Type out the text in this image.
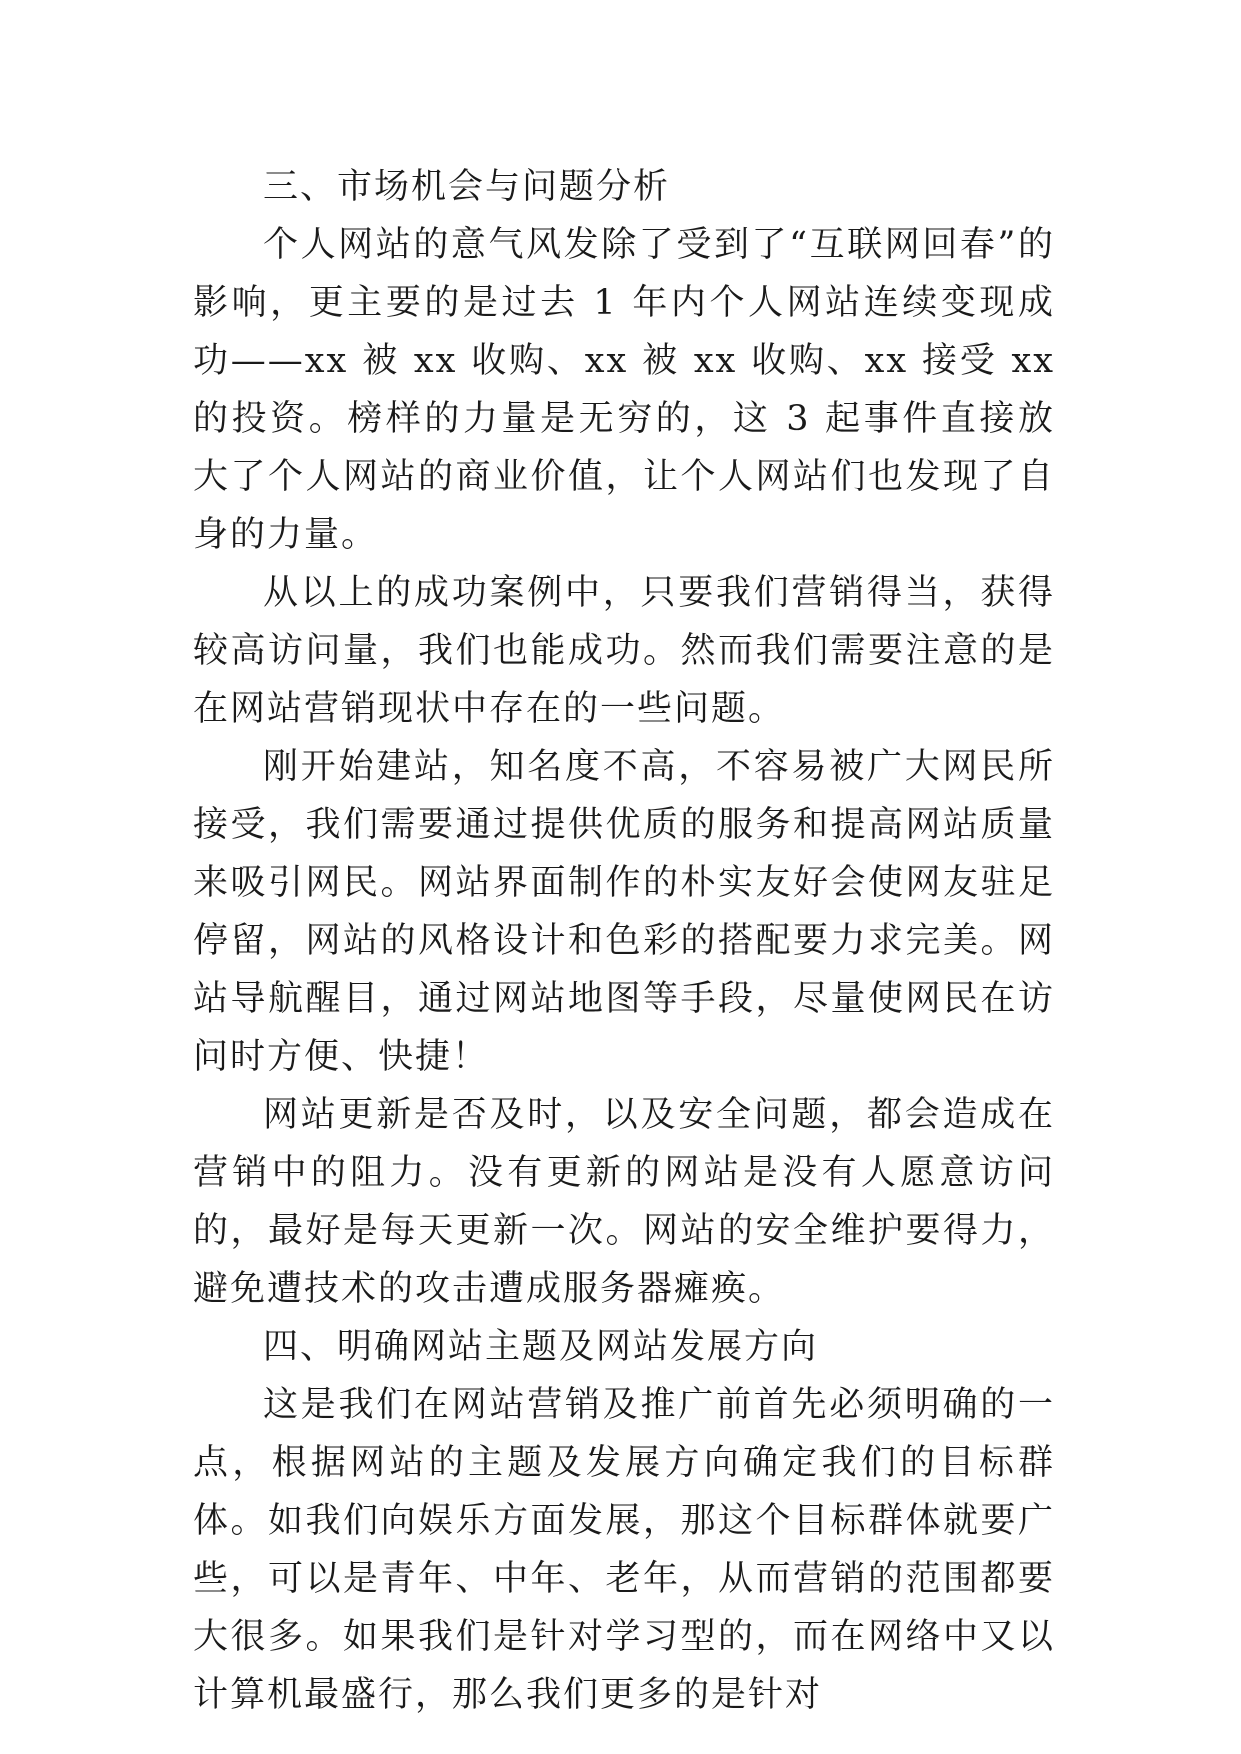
三、市场机会与问题分析

个人网站的意气风发除了受到了“互联网回春”的影响，更主要的是过去 1 年内个人网站连续变现成功——xx 被 xx 收购、xx 被 xx 收购、xx 接受 xx 的投资。榜样的力量是无穷的，这 3 起事件直接放大了个人网站的商业价值，让个人网站们也发现了自身的力量。

从以上的成功案例中，只要我们营销得当，获得较高访问量，我们也能成功。然而我们需要注意的是在网站营销现状中存在的一些问题。

刚开始建站，知名度不高，不容易被广大网民所接受，我们需要通过提供优质的服务和提高网站质量来吸引网民。网站界面制作的朴实友好会使网友驻足停留，网站的风格设计和色彩的搭配要力求完美。网站导航醒目，通过网站地图等手段，尽量使网民在访问时方便、快捷！

网站更新是否及时，以及安全问题，都会造成在营销中的阻力。没有更新的网站是没有人愿意访问的，最好是每天更新一次。网站的安全维护要得力，避免遭技术的攻击遭成服务器瘫痪。

四、明确网站主题及网站发展方向

这是我们在网站营销及推广前首先必须明确的一点，根据网站的主题及发展方向确定我们的目标群体。如我们向娱乐方面发展，那这个目标群体就要广些，可以是青年、中年、老年，从而营销的范围都要大很多。如果我们是针对学习型的，而在网络中又以计算机最盛行，那么我们更多的是针对
